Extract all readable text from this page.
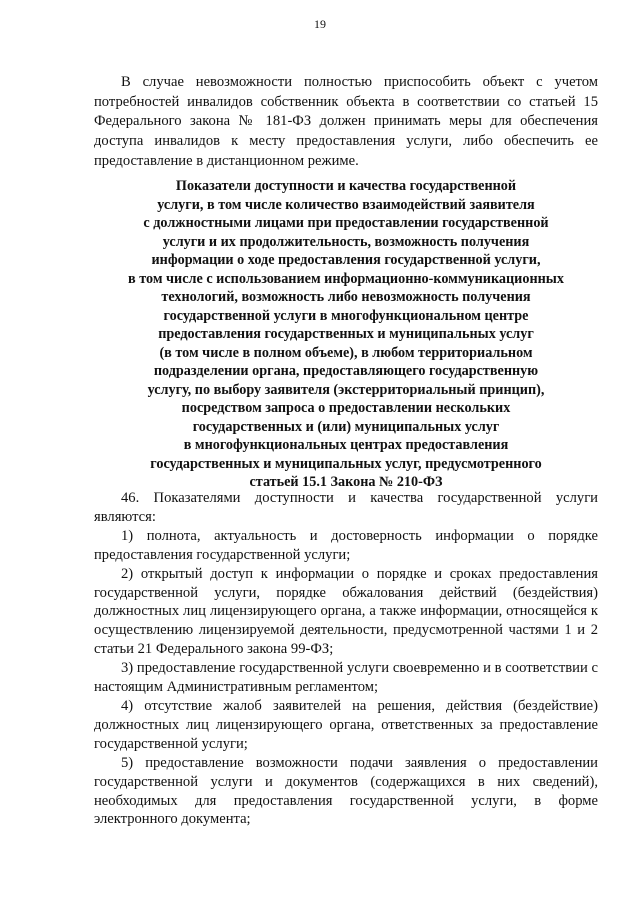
19

В случае невозможности полностью приспособить объект с учетом потребностей инвалидов собственник объекта в соответствии со статьей 15 Федерального закона № 181-ФЗ должен принимать меры для обеспечения доступа инвалидов к месту предоставления услуги, либо обеспечить ее предоставление в дистанционном режиме.

Показатели доступности и качества государственной
услуги, в том числе количество взаимодействий заявителя
с должностными лицами при предоставлении государственной
услуги и их продолжительность, возможность получения
информации о ходе предоставления государственной услуги,
в том числе с использованием информационно-коммуникационных
технологий, возможность либо невозможность получения
государственной услуги в многофункциональном центре
предоставления государственных и муниципальных услуг
(в том числе в полном объеме), в любом территориальном
подразделении органа, предоставляющего государственную
услугу, по выбору заявителя (экстерриториальный принцип),
посредством запроса о предоставлении нескольких
государственных и (или) муниципальных услуг
в многофункциональных центрах предоставления
государственных и муниципальных услуг, предусмотренного
статьей 15.1 Закона № 210-ФЗ

46. Показателями доступности и качества государственной услуги являются:

1) полнота, актуальность и достоверность информации о порядке предоставления государственной услуги;

2) открытый доступ к информации о порядке и сроках предоставления государственной услуги, порядке обжалования действий (бездействия) должностных лиц лицензирующего органа, а также информации, относящейся к осуществлению лицензируемой деятельности, предусмотренной частями 1 и 2 статьи 21 Федерального закона 99-ФЗ;

3) предоставление государственной услуги своевременно и в соответствии с настоящим Административным регламентом;

4) отсутствие жалоб заявителей на решения, действия (бездействие) должностных лиц лицензирующего органа, ответственных за предоставление государственной услуги;

5) предоставление возможности подачи заявления о предоставлении государственной услуги и документов (содержащихся в них сведений), необходимых для предоставления государственной услуги, в форме электронного документа;
